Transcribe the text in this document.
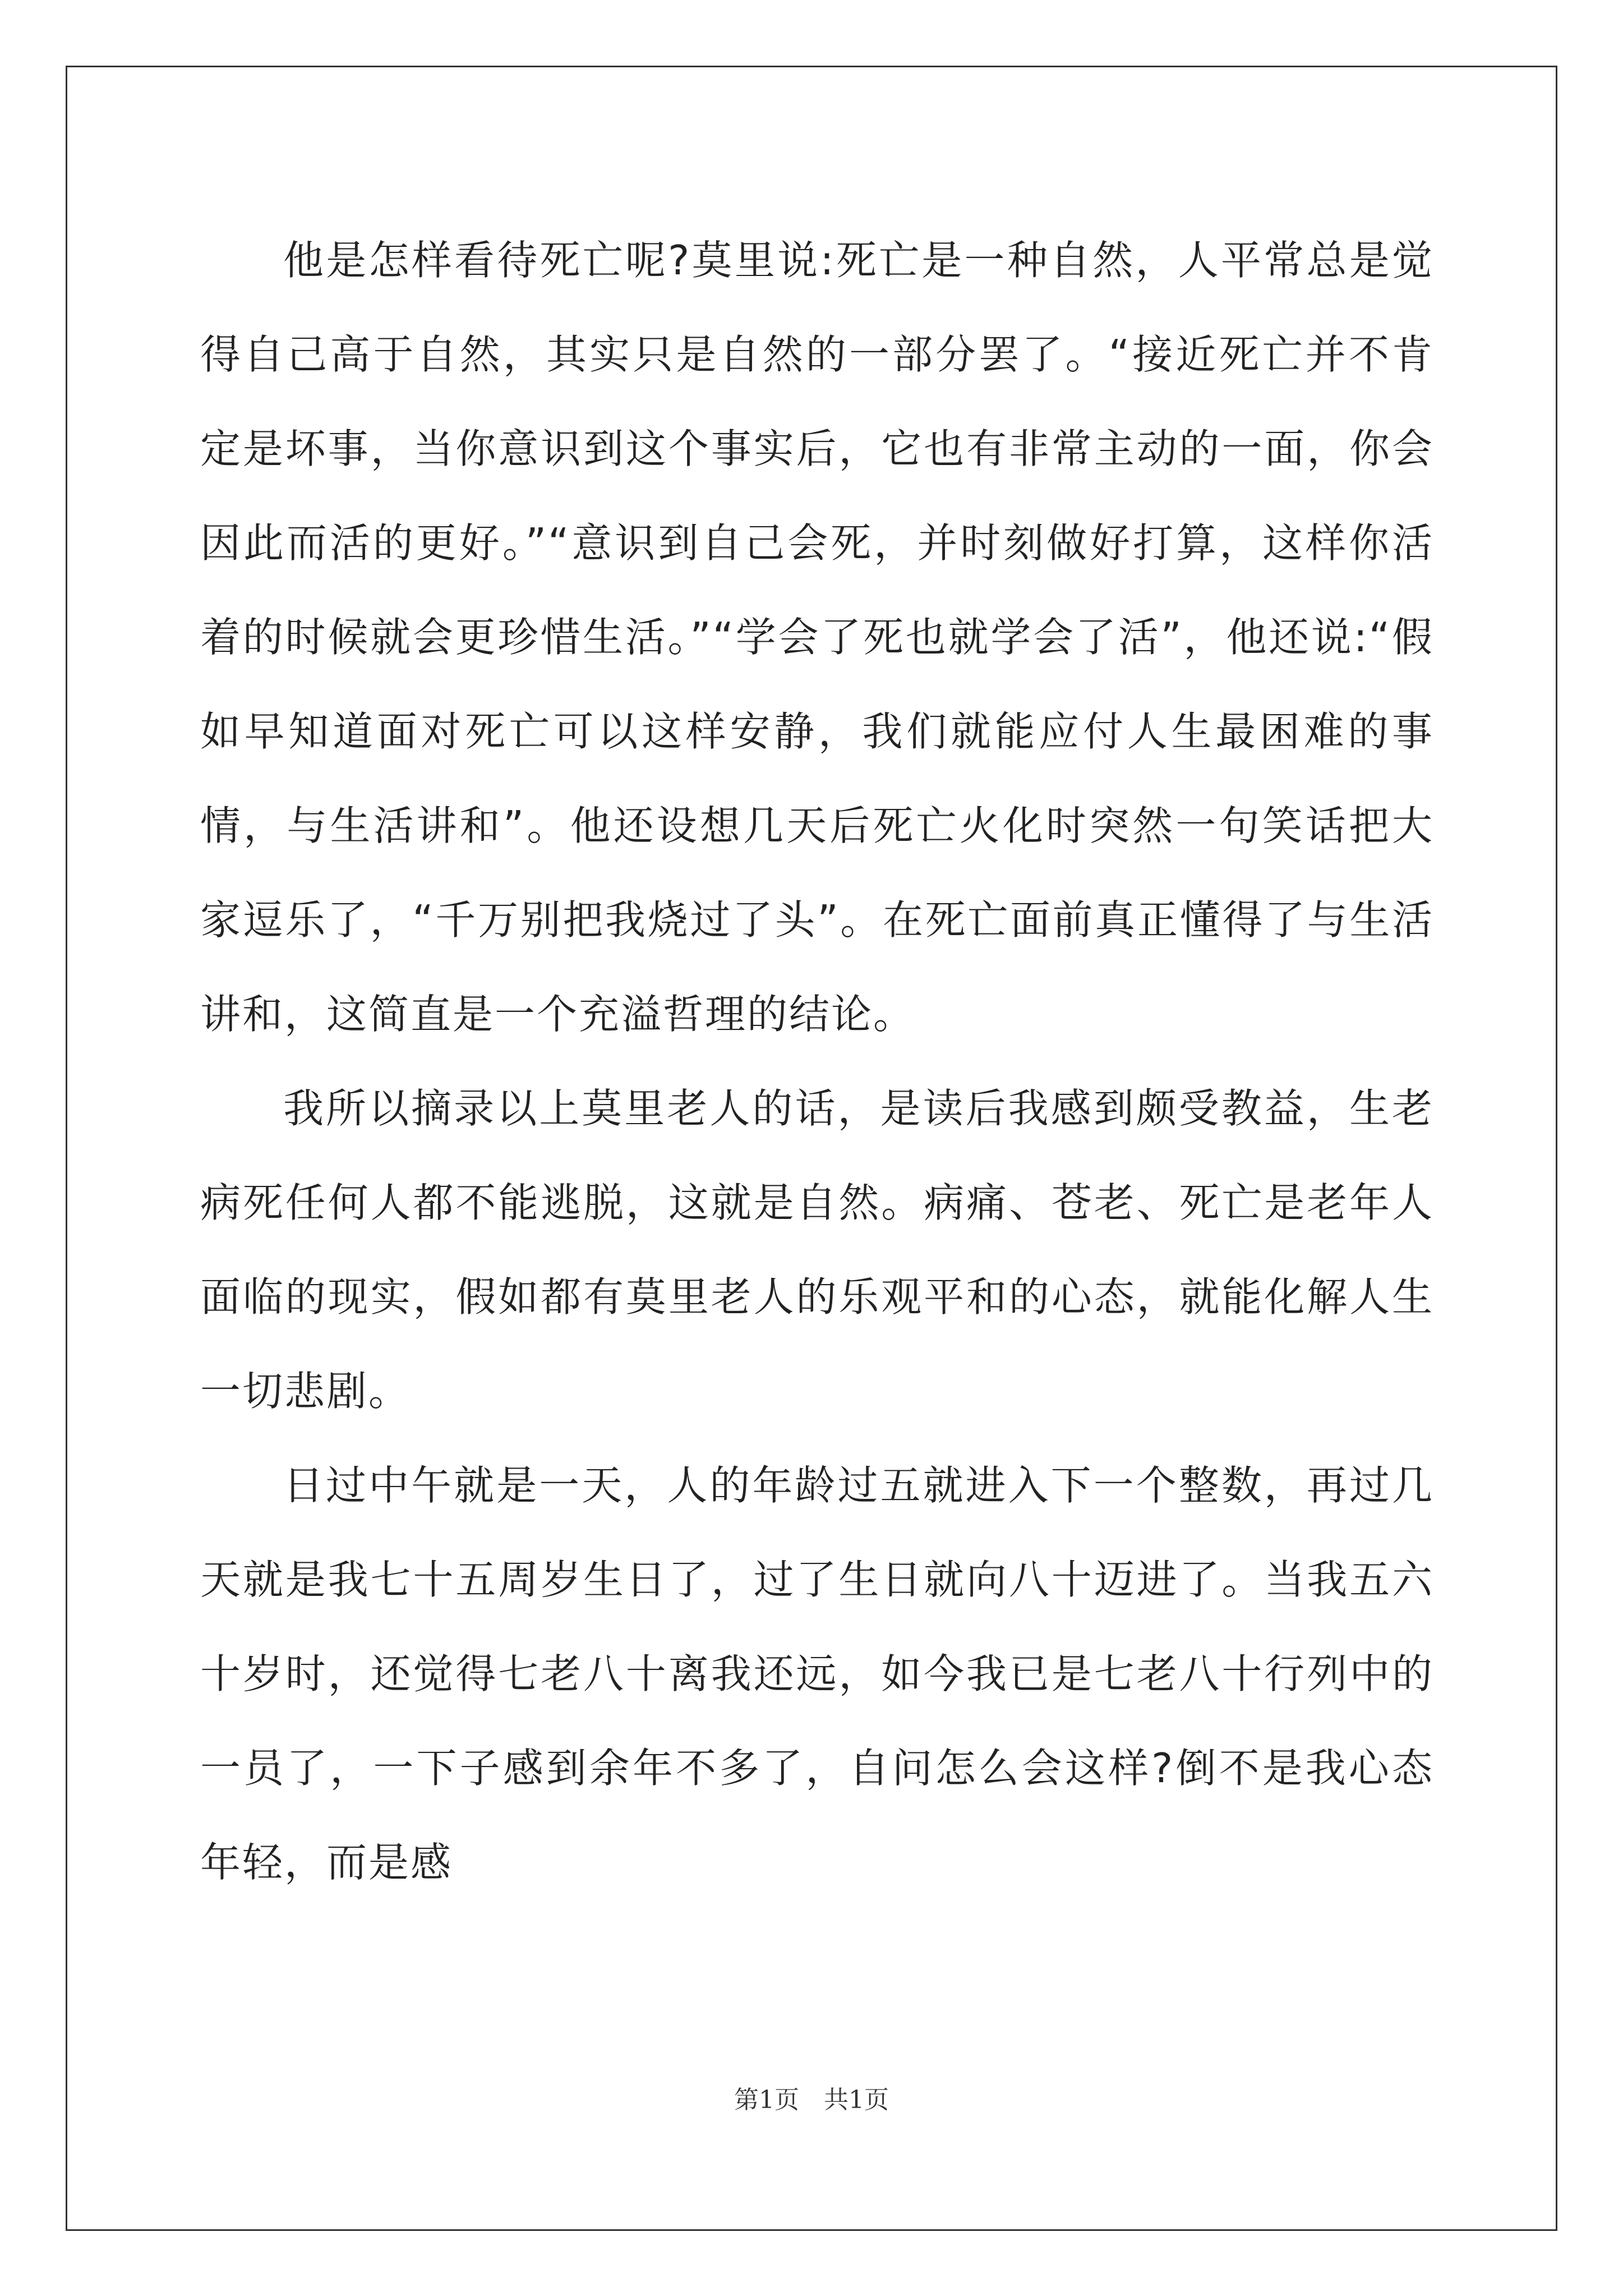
他是怎样看待死亡呢?莫里说:死亡是一种自然，人平常总是觉得自己高于自然，其实只是自然的一部分罢了。“接近死亡并不肯定是坏事，当你意识到这个事实后，它也有非常主动的一面，你会因此而活的更好。”“意识到自己会死，并时刻做好打算，这样你活着的时候就会更珍惜生活。”“学会了死也就学会了活”，他还说:“假如早知道面对死亡可以这样安静，我们就能应付人生最困难的事情，与生活讲和”。他还设想几天后死亡火化时突然一句笑话把大家逗乐了，“千万别把我烧过了头”。在死亡面前真正懂得了与生活讲和，这简直是一个充溢哲理的结论。

我所以摘录以上莫里老人的话，是读后我感到颇受教益，生老病死任何人都不能逃脱，这就是自然。病痛、苍老、死亡是老年人面临的现实，假如都有莫里老人的乐观平和的心态，就能化解人生一切悲剧。

日过中午就是一天，人的年龄过五就进入下一个整数，再过几天就是我七十五周岁生日了，过了生日就向八十迈进了。当我五六十岁时，还觉得七老八十离我还远，如今我已是七老八十行列中的一员了，一下子感到余年不多了，自问怎么会这样?倒不是我心态年轻，而是感

第1页　共1页
